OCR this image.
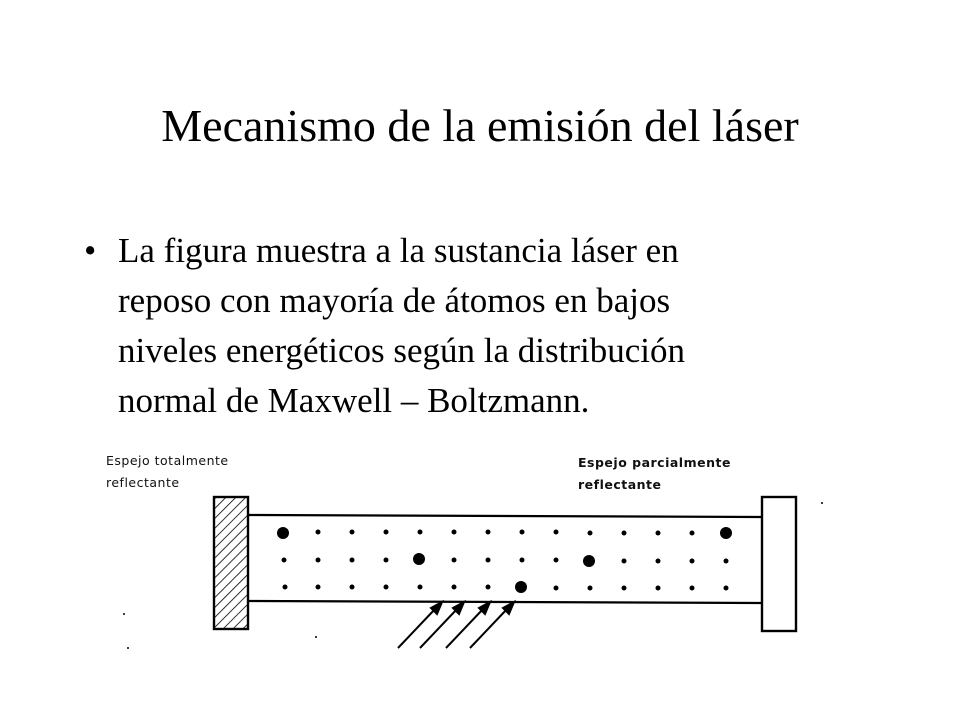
Mecanismo de la emisión del láser
• La figura muestra a la sustancia láser en
reposo con mayoría de átomos en bajos
niveles energéticos según la distribución
normal de Maxwell – Boltzmann.
Espejo totalmente
reflectante
Espejo parcialmente
reflectante
